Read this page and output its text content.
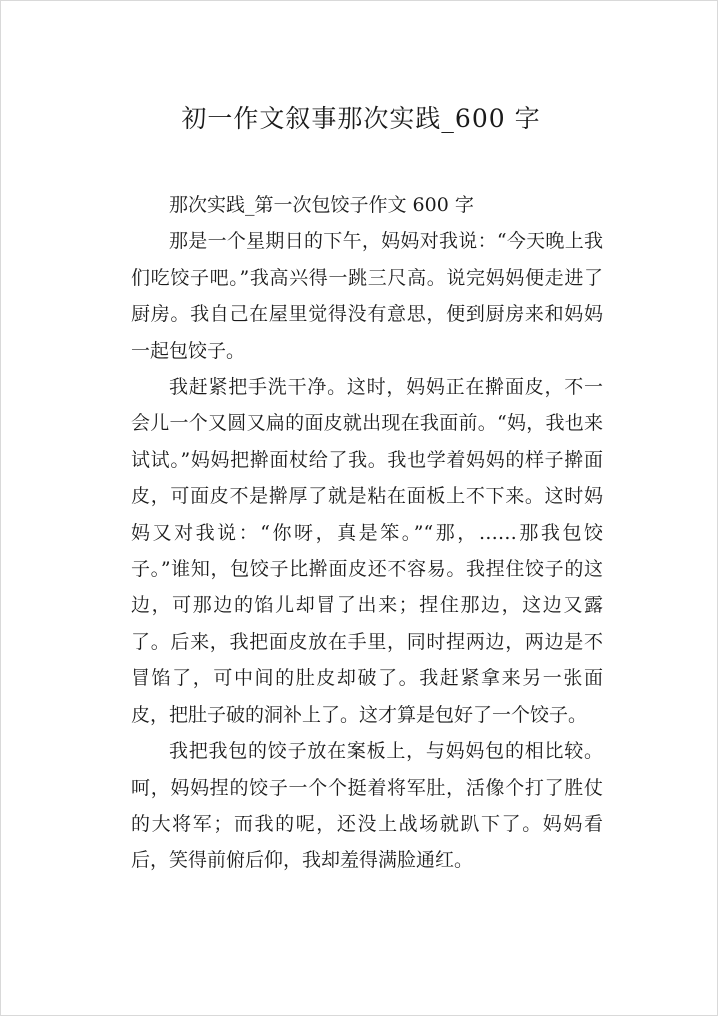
初一作文叙事那次实践_600 字

那次实践_第一次包饺子作文 600 字

那是一个星期日的下午，妈妈对我说：“今天晚上我们吃饺子吧。”我高兴得一跳三尺高。说完妈妈便走进了厨房。我自己在屋里觉得没有意思，便到厨房来和妈妈一起包饺子。

我赶紧把手洗干净。这时，妈妈正在擀面皮，不一会儿一个又圆又扁的面皮就出现在我面前。“妈，我也来试试。”妈妈把擀面杖给了我。我也学着妈妈的样子擀面皮，可面皮不是擀厚了就是粘在面板上不下来。这时妈妈又对我说：“你呀，真是笨。”“那，……那我包饺子。”谁知，包饺子比擀面皮还不容易。我捏住饺子的这边，可那边的馅儿却冒了出来；捏住那边，这边又露了。后来，我把面皮放在手里，同时捏两边，两边是不冒馅了，可中间的肚皮却破了。我赶紧拿来另一张面皮，把肚子破的洞补上了。这才算是包好了一个饺子。

我把我包的饺子放在案板上，与妈妈包的相比较。呵，妈妈捏的饺子一个个挺着将军肚，活像个打了胜仗的大将军；而我的呢，还没上战场就趴下了。妈妈看后，笑得前俯后仰，我却羞得满脸通红。
